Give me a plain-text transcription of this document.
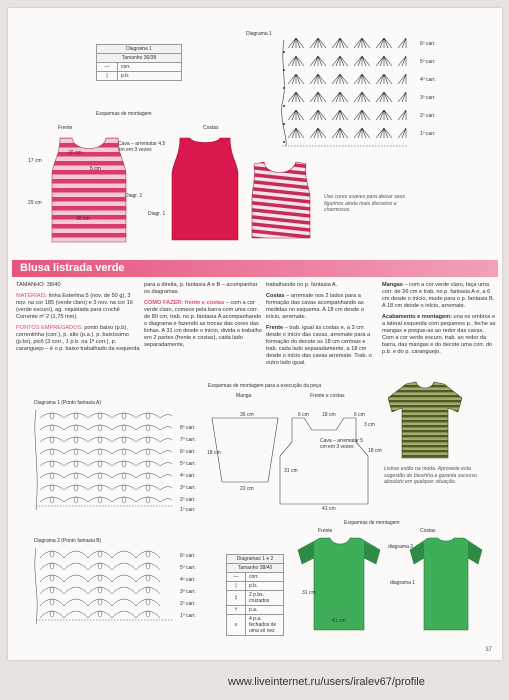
Diagrama 1	
Tamanho 36/38	
—	corr.
|	p.b.
Diagrama 1
6º carr.
5º carr.
4º carr.
3º carr.
2º carr.
1º carr.
Esquemas de montagem
Frente	Costas
20 cm
5 cm
17 cm
29 cm
36 cm
Diagr. 1
Cava – arrematar 4,5 cm em 3 vezes
Diagr. 1
Use cores suaves para deixar seus figurinos ainda mais discretos e charmosos.
Blusa listrada verde

TAMANHO: 38/40

MATERIAIS: linha Esterlina 5 (nov. de 50 g), 3 nov. na cor 185 (verde claro) e 3 nov. na cor 16 (verde escuro), ag. niquelada para crochê Corrente nº 2 (1,75 mm).

PONTOS EMPREGADOS: ponto baixo (p.b), correntinha (corr.), p. alto (p.a.), p. baixíssimo (p.bx), picô (3 corr., 1 p.b. na 1ª corr.), p. caranguejo – é o p. baixo trabalhado da esquerda

para a direita, p. fantasia A e B – acompanhar os diagramas.

COMO FAZER: frente e costas – com a cor verde claro, comece pela barra com uma corr. de 80 cm, trab. no p. fantasia A acompanhando o diagrama e fazendo as trocas das cores das linhas. A 31 cm desde o início, divida o trabalho em 2 partes (frente e costas), cada lado separadamente,

trabalhando no p. fantasia A.

Costas – arremate nos 2 lados para a formação das cavas acompanhando as medidas no esquema. A 18 cm desde o início, arremate.

Frente – trab. igual às costas e, a 3 cm desde o início das cavas, arremate para a formação do decote os 18 cm centrais e trab. cada lado separadamente, a 18 cm desde o início das cavas arremate. Trab. o outro lado igual.

Mangas – com a cor verde claro, faça uma corr. de 26 cm e trab. no p. fantasia A e, a 6 cm desde o início, mude para o p. fantasia B. A 18 cm desde o início, arremate.

Acabamento e montagem: una os ombros e a lateral esquerda com pequenos p., feche as mangas e pregue-as ao redor das cavas. Com a cor verde escuro, trab. ao redor da barra, das mangas e do decote uma corr. do p.b. e do p. caranguejo.

Esquemas de montagem para a execução da peça
Manga	Frente e costas
36 cm
18 cm
22 cm
6 cm	18 cm	6 cm
3 cm
Cava – arrematar 5 cm em 3 vezes
18 cm
31 cm
41 cm
Listras estão na moda. Aproveite esta sugestão de blusinha e garanta sucesso absoluto em qualquer situação.
Diagrama 1 (Ponto fantasia A)
8º carr.
7º carr.
6º carr.
5º carr.
4º carr.
3º carr.
2º carr.
1º carr.
Diagrama 2 (Ponto fantasia B)
6º carr.
5º carr.
4º carr.
3º carr.
2º carr.
1º carr.
Diagramas 1 e 2	
Tamanho 38/40	
—	corr.
|	p.b.
‡	2 p.bx. cruzados
†	p.a.
≡	4 p.a. fechados de uma só vez
Esquemas de montagem
Frente	Costas
diagrama 2
diagrama 1
31 cm
41 cm
37
www.liveinternet.ru/users/iralev67/profile
